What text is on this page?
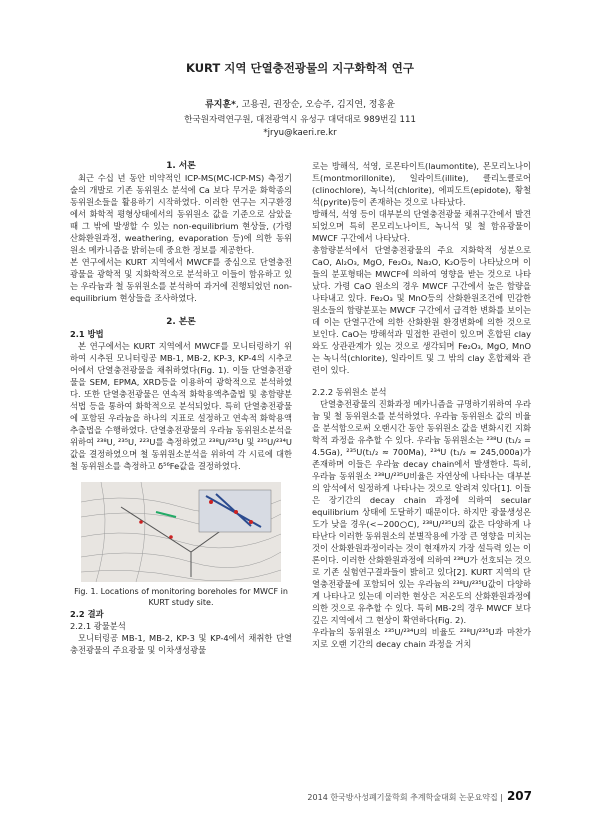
KURT 지역 단열충전광물의 지구화학적 연구
류지훈*, 고용권, 권장순, 오승주, 김지연, 정홍윤
한국원자력연구원, 대전광역시 유성구 대덕대로 989번길 111
*jryu@kaeri.re.kr

1. 서론

최근 수십 년 동안 비약적인 ICP-MS(MC-ICP-MS) 측정기술의 개발로 기존 동위원소 분석에 Ca 보다 무거운 화학종의 동위원소들을 활용하기 시작하였다. 이러한 연구는 지구환경에서 화학적 평형상태에서의 동위원소 값을 기준으로 삼았을 때 그 밖에 발생할 수 있는 non-equilibrium 현상들, (가령 산화환원과정, weathering, evaporation 등)에 의한 동위원소 메카니즘을 밝히는데 중요한 정보를 제공한다.

본 연구에서는 KURT 지역에서 MWCF를 중심으로 단열충전광물을 광학적 및 지화학적으로 분석하고 이들이 함유하고 있는 우라늄과 철 동위원소를 분석하여 과거에 진행되었던 non-equilibrium 현상들을 조사하였다.

2. 본론

2.1 방법

본 연구에서는 KURT 지역에서 MWCF를 모니터링하기 위하여 시추된 모니터링공 MB-1, MB-2, KP-3, KP-4의 시추코어에서 단열충전광물을 채취하였다(Fig. 1). 이들 단열충전광물을 SEM, EPMA, XRD등을 이용하여 광학적으로 분석하였다. 또한 단열충전광물은 연속적 화학용액추출법 및 총함량분석법 등을 통하여 화학적으로 분석되었다. 특히 단열충전광물에 포함된 우라늄을 하나의 지표로 설정하고 연속적 화학용액추출법을 수행하였다. 단열충전광물의 우라늄 동위원소분석을 위하여 ²³⁸U, ²³⁵U, ²²³U를 측정하였고 ²³⁸U/²³⁵U 및 ²³⁵U/²³⁴U값을 결정하였으며 철 동위원소분석을 위하여 각 시료에 대한 철 동위원소를 측정하고 δ⁵⁶Fe값을 결정하였다.

Fig. 1. Locations of monitoring boreholes for MWCF in KURT study site.

2.2 결과

2.2.1 광물분석

모니터링공 MB-1, MB-2, KP-3 및 KP-4에서 채취한 단열충전광물의 주요광물 및 이차생성광물

로는 방해석, 석영, 로몬타이트(laumontite), 몬모리노나이트(montmorillonite), 일라이트(illite), 클리노클로어(clinochlore), 녹니석(chlorite), 에피도트(epidote), 황철석(pyrite)등이 존재하는 것으로 나타났다.

방해석, 석영 등이 대부분의 단열충전광물 채취구간에서 발견되었으며 특히 몬모리노나이트, 녹니석 및 철 함유광물이 MWCF 구간에서 나타났다.

총함량분석에서 단열충전광물의 주요 지화학적 성분으로 CaO, Al₂O₃, MgO, Fe₂O₃, Na₂O, K₂O등이 나타났으며 이들의 분포형태는 MWCF에 의하여 영향을 받는 것으로 나타났다. 가령 CaO 원소의 경우 MWCF 구간에서 높은 함량을 나타내고 있다. Fe₂O₃ 및 MnO등의 산화환원조건에 민감한 원소들의 함량분포는 MWCF 구간에서 급격한 변화를 보이는데 이는 단열구간에 의한 산화환원 환경변화에 의한 것으로 보인다. CaO는 방해석과 밀접한 관련이 있으며 혼합된 clay와도 상관관계가 있는 것으로 생각되며 Fe₂O₃, MgO, MnO는 녹니석(chlorite), 일라이트 및 그 밖의 clay 혼합체와 관련이 있다.

2.2.2 동위원소 분석

단열충전광물의 진화과정 메카니즘을 규명하기위하여 우라늄 및 철 동위원소를 분석하였다. 우라늄 동위원소 값의 비율을 분석함으로써 오랜시간 동안 동위원소 값을 변화시킨 지화학적 과정을 유추할 수 있다. 우라늄 동위원소는 ²³⁸U (t₁/₂ = 4.5Ga), ²³⁵U(t₁/₂ ≈ 700Ma), ²³⁴U (t₁/₂ ≈ 245,000a)가 존재하며 이들은 우라늄 decay chain에서 발생한다. 특히, 우라늄 동위원소 ²³⁸U/²³⁵U비율은 자연상에 나타나는 대부분의 암석에서 일정하게 나타나는 것으로 알려져 있다[1]. 이들은 장기간의 decay chain 과정에 의하여 secular equilibrium 상태에 도달하기 때문이다. 하지만 광물생성온도가 낮을 경우(<~200○C), ²³⁸U/²³⁵U의 값은 다양하게 나타난다 이러한 동위원소의 분별작용에 가장 큰 영향을 미치는 것이 산화환원과정이라는 것이 현재까지 가장 설득력 있는 이론이다. 이러한 산화환원과정에 의하여 ²³⁸U가 선호되는 것으로 기존 실험연구결과들이 밝히고 있다[2]. KURT 지역의 단열충전광물에 포함되어 있는 우라늄의 ²³⁸U/²³⁵U값이 다양하게 나타나고 있는데 이러한 현상은 저온도의 산화환원과정에 의한 것으로 유추할 수 있다. 특히 MB-2의 경우 MWCF 보다 깊은 지역에서 그 현상이 확연하다(Fig. 2).

우라늄의 동위원소 ²³⁵U/²³⁴U의 비율도 ²³⁸U/²³⁵U과 마찬가지로 오랜 기간의 decay chain 과정을 거치

2014 한국방사성폐기물학회 추계학술대회 논문요약집 | 207
